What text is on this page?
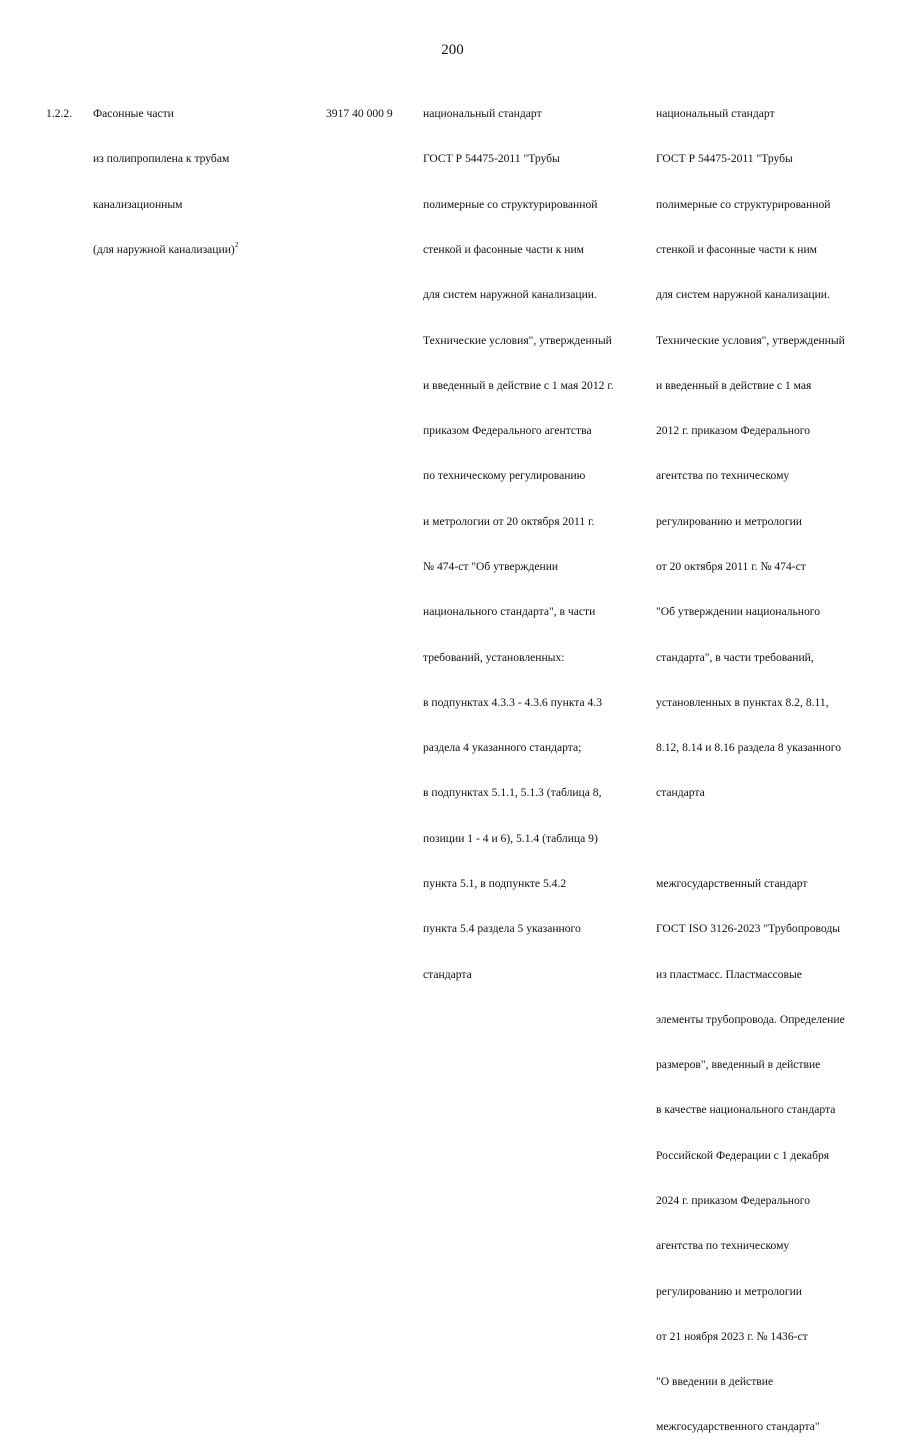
200

1.2.2.

Фасонные части

из полипропилена к трубам

канализационным

(для наружной канализации)$^2$

3917 40 000 9

	национальный стандарт

ГОСТ Р 54475-2011 "Трубы

полимерные со структурированной

стенкой и фасонные части к ним

для систем наружной канализации.

Технические условия", утвержденный

и введенный в действие с 1 мая 2012 г.

приказом Федерального агентства

по техническому регулированию

и метрологии от 20 октября 2011 г.

№ 474-ст "Об утверждении

национального стандарта", в части

требований, установленных:

в подпунктах 4.3.3 - 4.3.6 пункта 4.3

раздела 4 указанного стандарта;

в подпунктах 5.1.1, 5.1.3 (таблица 8,

позиции 1 - 4 и 6), 5.1.4 (таблица 9)

пункта 5.1, в подпункте 5.4.2

пункта 5.4 раздела 5 указанного

стандарта

национальный стандарт

ГОСТ Р 54475-2011 "Трубы

полимерные со структурированной

стенкой и фасонные части к ним

для систем наружной канализации.

Технические условия", утвержденный

и введенный в действие с 1 мая

2012 г. приказом Федерального

агентства по техническому

регулированию и метрологии

от 20 октября 2011 г. № 474-ст

"Об утверждении национального

стандарта", в части требований,

установленных в пунктах 8.2, 8.11,

8.12, 8.14 и 8.16 раздела 8 указанного

стандарта

межгосударственный стандарт

ГОСТ ISO 3126-2023 "Трубопроводы

из пластмасс. Пластмассовые

элементы трубопровода. Определение

размеров", введенный в действие

в качестве национального стандарта

Российской Федерации с 1 декабря

2024 г. приказом Федерального

агентства по техническому

регулированию и метрологии

от 21 ноября 2023 г. № 1436-ст

"О введении в действие

межгосударственного стандарта"
